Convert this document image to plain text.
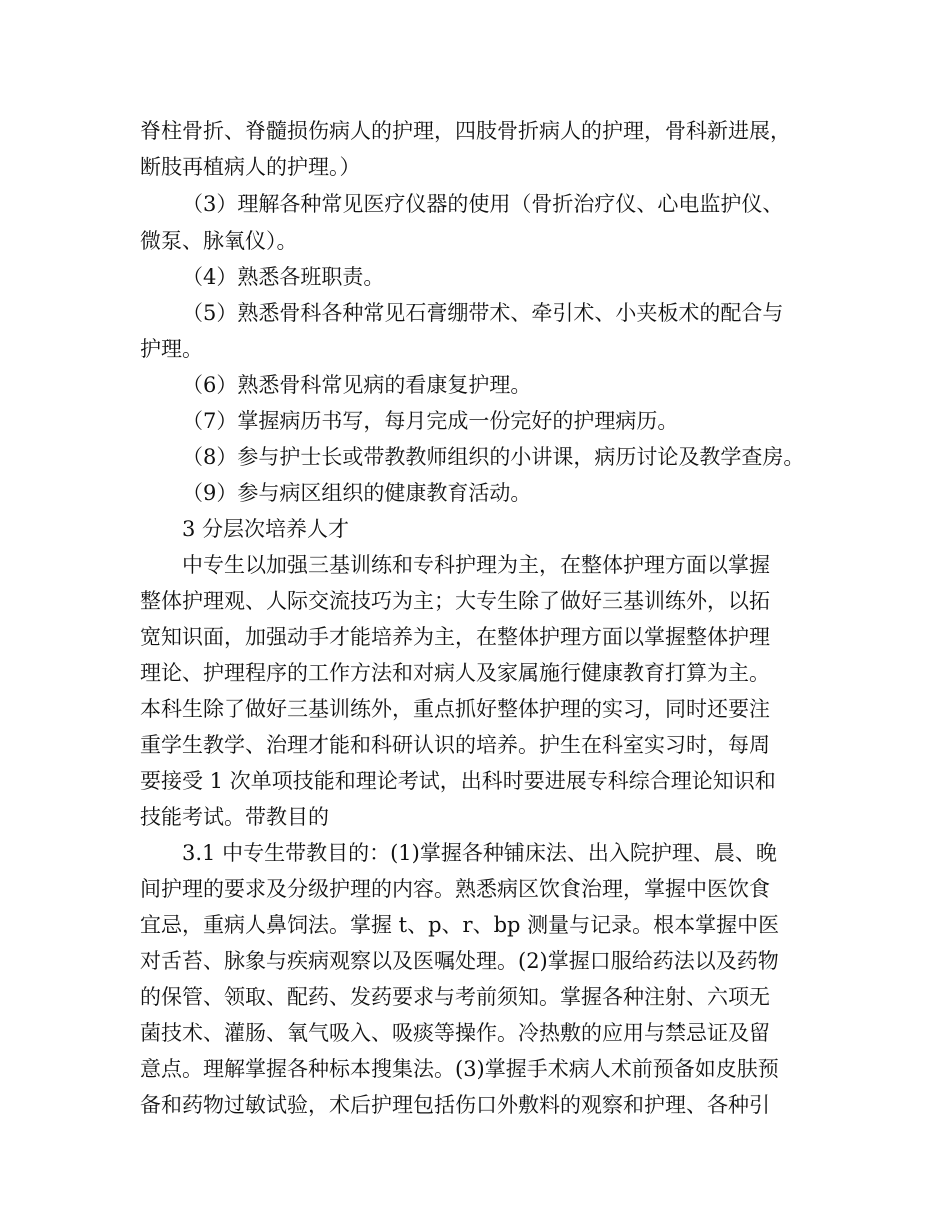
脊柱骨折、脊髓损伤病人的护理，四肢骨折病人的护理，骨科新进展，
断肢再植病人的护理。）
（3）理解各种常见医疗仪器的使用（骨折治疗仪、心电监护仪、
微泵、脉氧仪）。
（4）熟悉各班职责。
（5）熟悉骨科各种常见石膏绷带术、牵引术、小夹板术的配合与
护理。
（6）熟悉骨科常见病的看康复护理。
（7）掌握病历书写，每月完成一份完好的护理病历。
（8）参与护士长或带教教师组织的小讲课，病历讨论及教学查房。
（9）参与病区组织的健康教育活动。
3 分层次培养人才
中专生以加强三基训练和专科护理为主，在整体护理方面以掌握
整体护理观、人际交流技巧为主；大专生除了做好三基训练外，以拓
宽知识面，加强动手才能培养为主，在整体护理方面以掌握整体护理
理论、护理程序的工作方法和对病人及家属施行健康教育打算为主。
本科生除了做好三基训练外，重点抓好整体护理的实习，同时还要注
重学生教学、治理才能和科研认识的培养。护生在科室实习时，每周
要接受 1 次单项技能和理论考试，出科时要进展专科综合理论知识和
技能考试。带教目的
3.1 中专生带教目的：(1)掌握各种铺床法、出入院护理、晨、晚
间护理的要求及分级护理的内容。熟悉病区饮食治理，掌握中医饮食
宜忌，重病人鼻饲法。掌握 t、p、r、bp 测量与记录。根本掌握中医
对舌苔、脉象与疾病观察以及医嘱处理。(2)掌握口服给药法以及药物
的保管、领取、配药、发药要求与考前须知。掌握各种注射、六项无
菌技术、灌肠、氧气吸入、吸痰等操作。冷热敷的应用与禁忌证及留
意点。理解掌握各种标本搜集法。(3)掌握手术病人术前预备如皮肤预
备和药物过敏试验，术后护理包括伤口外敷料的观察和护理、各种引
